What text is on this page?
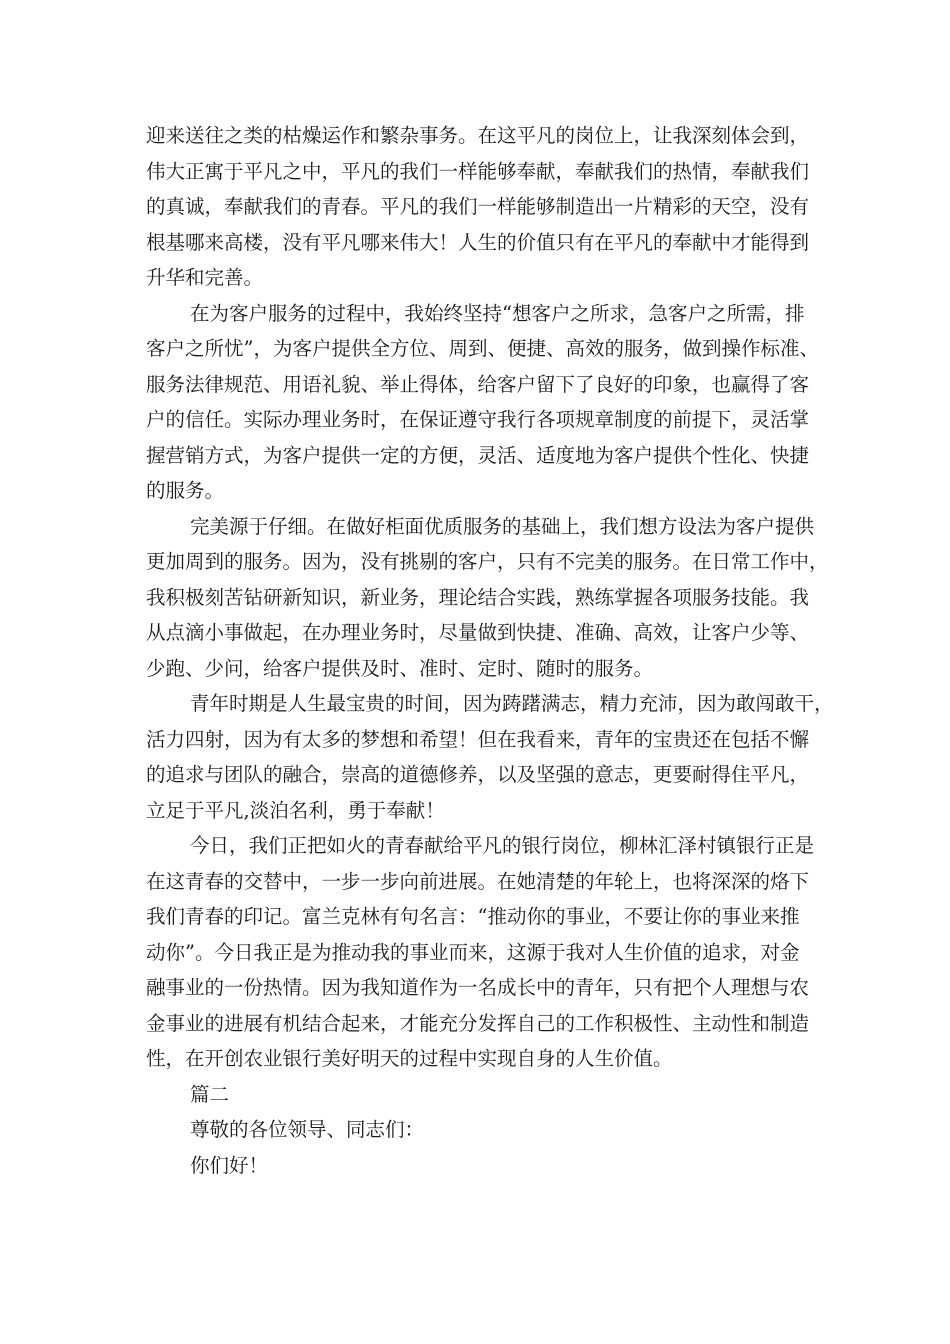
迎来送往之类的枯燥运作和繁杂事务。在这平凡的岗位上，让我深刻体会到，
伟大正寓于平凡之中，平凡的我们一样能够奉献，奉献我们的热情，奉献我们
的真诚，奉献我们的青春。平凡的我们一样能够制造出一片精彩的天空，没有
根基哪来高楼，没有平凡哪来伟大！人生的价值只有在平凡的奉献中才能得到
升华和完善。

在为客户服务的过程中，我始终坚持“想客户之所求，急客户之所需，排
客户之所忧”，为客户提供全方位、周到、便捷、高效的服务，做到操作标准、
服务法律规范、用语礼貌、举止得体，给客户留下了良好的印象，也赢得了客
户的信任。实际办理业务时，在保证遵守我行各项规章制度的前提下，灵活掌
握营销方式，为客户提供一定的方便，灵活、适度地为客户提供个性化、快捷
的服务。

完美源于仔细。在做好柜面优质服务的基础上，我们想方设法为客户提供
更加周到的服务。因为，没有挑剔的客户，只有不完美的服务。在日常工作中，
我积极刻苦钻研新知识，新业务，理论结合实践，熟练掌握各项服务技能。我
从点滴小事做起，在办理业务时，尽量做到快捷、准确、高效，让客户少等、
少跑、少问，给客户提供及时、准时、定时、随时的服务。

青年时期是人生最宝贵的时间，因为踌躇满志，精力充沛，因为敢闯敢干，
活力四射，因为有太多的梦想和希望！但在我看来，青年的宝贵还在包括不懈
的追求与团队的融合，崇高的道德修养，以及坚强的意志，更要耐得住平凡，
立足于平凡,淡泊名利，勇于奉献！

今日，我们正把如火的青春献给平凡的银行岗位，柳林汇泽村镇银行正是
在这青春的交替中，一步一步向前进展。在她清楚的年轮上，也将深深的烙下
我们青春的印记。富兰克林有句名言：“推动你的事业，不要让你的事业来推
动你”。今日我正是为推动我的事业而来，这源于我对人生价值的追求，对金
融事业的一份热情。因为我知道作为一名成长中的青年，只有把个人理想与农
金事业的进展有机结合起来，才能充分发挥自己的工作积极性、主动性和制造
性，在开创农业银行美好明天的过程中实现自身的人生价值。

篇二

尊敬的各位领导、同志们：

你们好！
